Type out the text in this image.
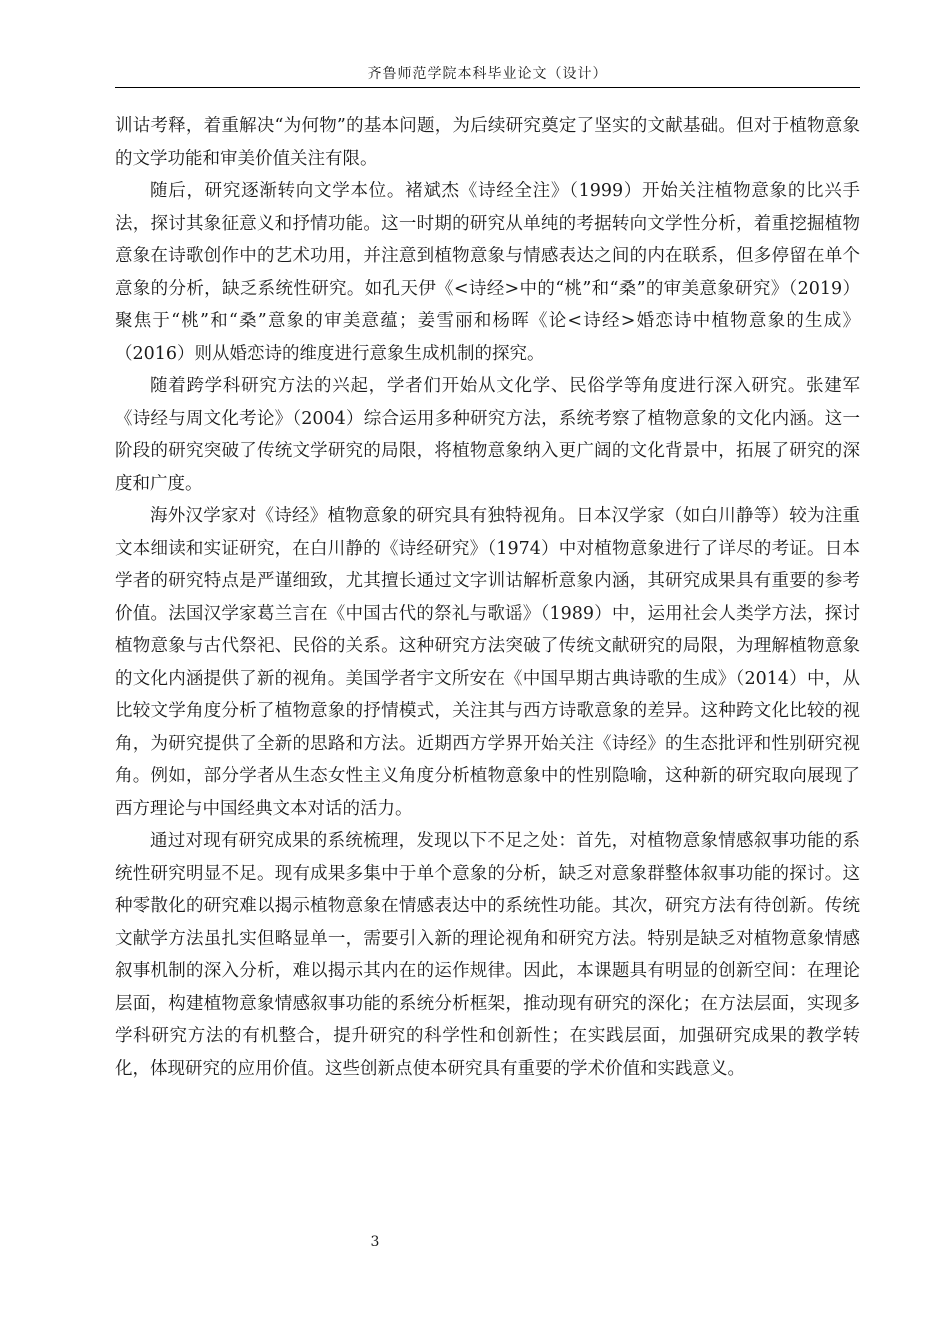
齐鲁师范学院本科毕业论文（设计）

训诂考释，着重解决“为何物”的基本问题，为后续研究奠定了坚实的文献基础。但对于植物意象的文学功能和审美价值关注有限。

随后，研究逐渐转向文学本位。褚斌杰《诗经全注》（1999）开始关注植物意象的比兴手法，探讨其象征意义和抒情功能。这一时期的研究从单纯的考据转向文学性分析，着重挖掘植物意象在诗歌创作中的艺术功用，并注意到植物意象与情感表达之间的内在联系，但多停留在单个意象的分析，缺乏系统性研究。如孔天伊《<诗经>中的“桃”和“桑”的审美意象研究》（2019）聚焦于“桃”和“桑”意象的审美意蕴；姜雪丽和杨晖《论<诗经>婚恋诗中植物意象的生成》（2016）则从婚恋诗的维度进行意象生成机制的探究。

随着跨学科研究方法的兴起，学者们开始从文化学、民俗学等角度进行深入研究。张建军《诗经与周文化考论》（2004）综合运用多种研究方法，系统考察了植物意象的文化内涵。这一阶段的研究突破了传统文学研究的局限，将植物意象纳入更广阔的文化背景中，拓展了研究的深度和广度。

海外汉学家对《诗经》植物意象的研究具有独特视角。日本汉学家（如白川静等）较为注重文本细读和实证研究，在白川静的《诗经研究》（1974）中对植物意象进行了详尽的考证。日本学者的研究特点是严谨细致，尤其擅长通过文字训诂解析意象内涵，其研究成果具有重要的参考价值。法国汉学家葛兰言在《中国古代的祭礼与歌谣》（1989）中，运用社会人类学方法，探讨植物意象与古代祭祀、民俗的关系。这种研究方法突破了传统文献研究的局限，为理解植物意象的文化内涵提供了新的视角。美国学者宇文所安在《中国早期古典诗歌的生成》（2014）中，从比较文学角度分析了植物意象的抒情模式，关注其与西方诗歌意象的差异。这种跨文化比较的视角，为研究提供了全新的思路和方法。近期西方学界开始关注《诗经》的生态批评和性别研究视角。例如，部分学者从生态女性主义角度分析植物意象中的性别隐喻，这种新的研究取向展现了西方理论与中国经典文本对话的活力。

通过对现有研究成果的系统梳理，发现以下不足之处：首先，对植物意象情感叙事功能的系统性研究明显不足。现有成果多集中于单个意象的分析，缺乏对意象群整体叙事功能的探讨。这种零散化的研究难以揭示植物意象在情感表达中的系统性功能。其次，研究方法有待创新。传统文献学方法虽扎实但略显单一，需要引入新的理论视角和研究方法。特别是缺乏对植物意象情感叙事机制的深入分析，难以揭示其内在的运作规律。因此，本课题具有明显的创新空间：在理论层面，构建植物意象情感叙事功能的系统分析框架，推动现有研究的深化；在方法层面，实现多学科研究方法的有机整合，提升研究的科学性和创新性；在实践层面，加强研究成果的教学转化，体现研究的应用价值。这些创新点使本研究具有重要的学术价值和实践意义。

3
